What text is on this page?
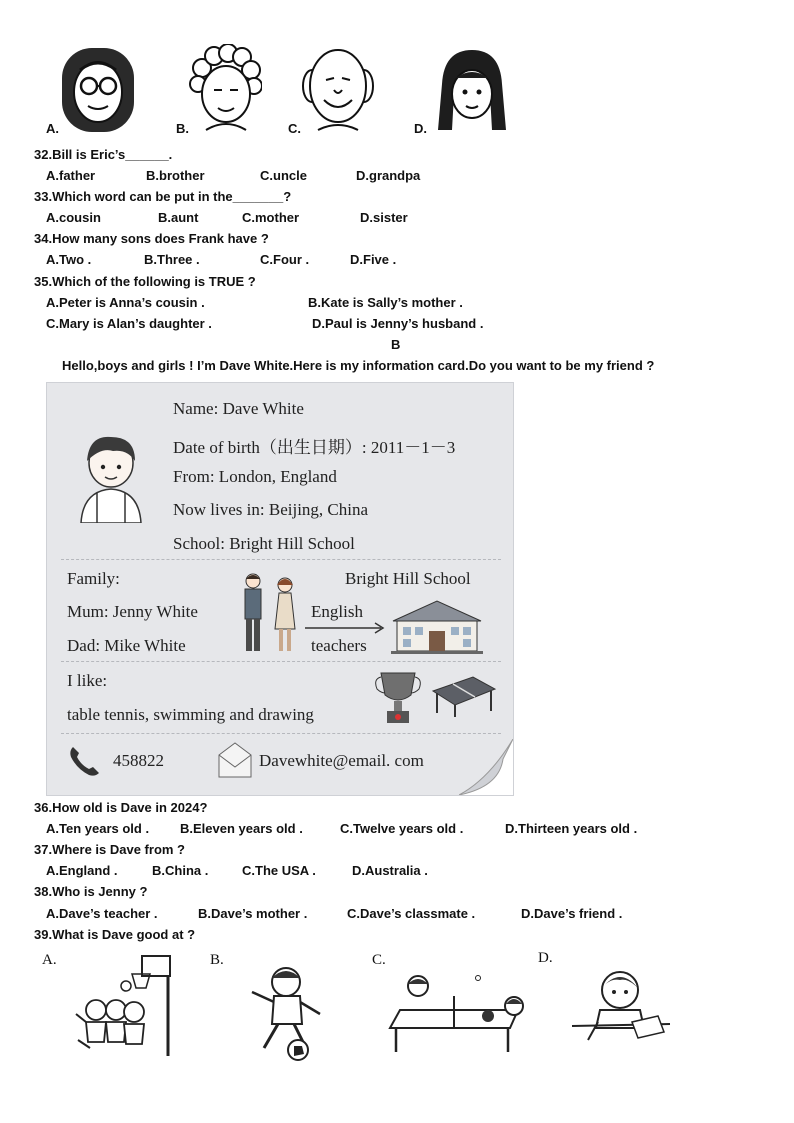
A.	B.	C.	D.
32.Bill is Eric’s______.
A.father	B.brother	C.uncle	D.grandpa
33.Which word can be put in the_______?
A.cousin	B.aunt	C.mother	D.sister
34.How many sons does Frank have ?
A.Two .	B.Three .	C.Four .	D.Five .
35.Which of the following is TRUE ?
A.Peter is Anna’s cousin .	B.Kate is Sally’s mother .
C.Mary is Alan’s daughter .	D.Paul is Jenny’s husband .
B
Hello,boys and girls ! I’m Dave White.Here is my information card.Do you want to be my friend ?
Name: Dave White
Date of birth（出生日期）: 2011－1－3
From: London, England
Now lives in: Beijing, China
School: Bright Hill School
Family:
Mum: Jenny White
Dad: Mike White
English
teachers
Bright Hill School
I like:
table tennis, swimming and drawing
458822	Davewhite@email. com
36.How old is Dave in 2024?
A.Ten years old . B.Eleven years old .	C.Twelve years old .	D.Thirteen years old .
37.Where is Dave from ?
A.England .	B.China .	C.The USA .	D.Australia .
38.Who is Jenny ?
A.Dave’s teacher .	B.Dave’s mother .	C.Dave’s classmate .	D.Dave’s friend .
39.What is Dave good at ?
A.	B.	C.	D.
